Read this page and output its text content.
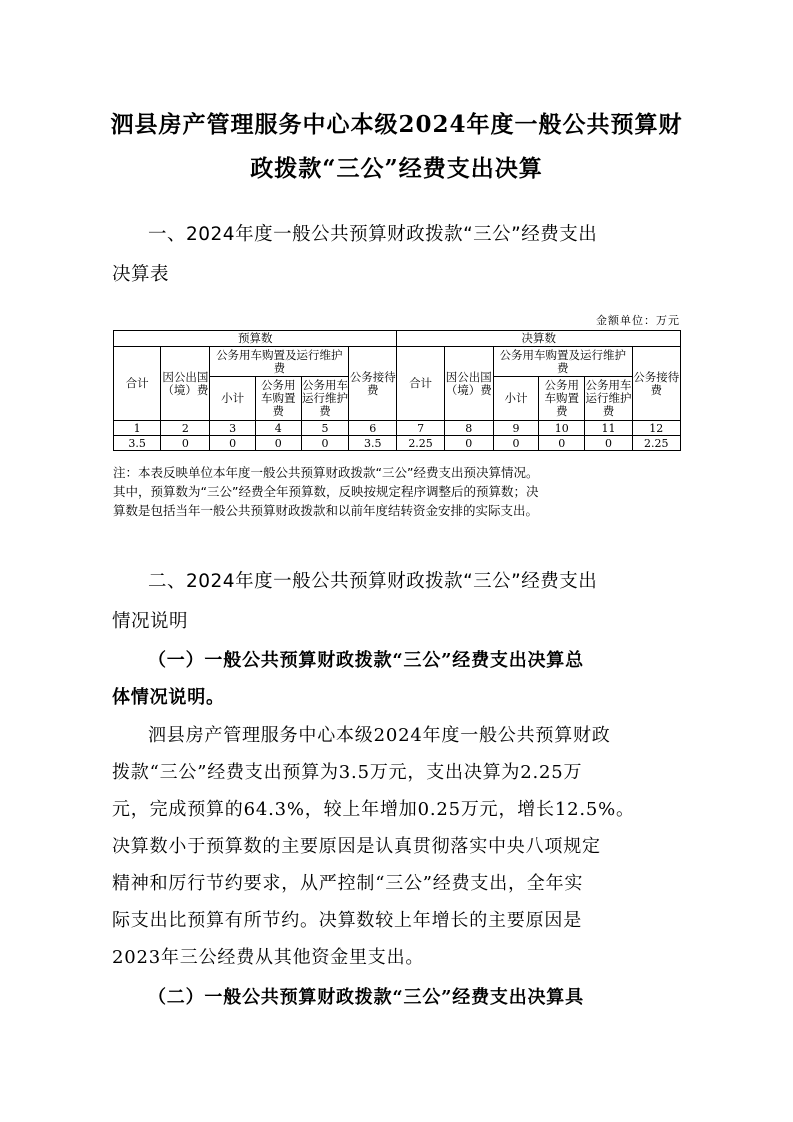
泗县房产管理服务中心本级2024年度一般公共预算财
政拨款“三公”经费支出决算
一、2024年度一般公共预算财政拨款“三公”经费支出
决算表
金额单位：万元
预算数						决算数					
合计	因公出国（境）费	公务用车购置及运行维护费			公务接待费	合计	因公出国（境）费	公务用车购置及运行维护费			公务接待费
		小计	公务用车购置费	公务用车运行维护费				小计	公务用车购置费	公务用车运行维护费	
1	2	3	4	5	6	7	8	9	10	11	12
3.5	0	0	0	0	3.5	2.25	0	0	0	0	2.25
注：本表反映单位本年度一般公共预算财政拨款“三公”经费支出预决算情况。
其中，预算数为“三公”经费全年预算数，反映按规定程序调整后的预算数；决
算数是包括当年一般公共预算财政拨款和以前年度结转资金安排的实际支出。
二、2024年度一般公共预算财政拨款“三公”经费支出
情况说明
（一）一般公共预算财政拨款“三公”经费支出决算总
体情况说明。
泗县房产管理服务中心本级2024年度一般公共预算财政
拨款“三公”经费支出预算为3.5万元，支出决算为2.25万
元，完成预算的64.3%，较上年增加0.25万元，增长12.5%。
决算数小于预算数的主要原因是认真贯彻落实中央八项规定
精神和厉行节约要求，从严控制“三公”经费支出，全年实
际支出比预算有所节约。决算数较上年增长的主要原因是
2023年三公经费从其他资金里支出。
（二）一般公共预算财政拨款“三公”经费支出决算具
